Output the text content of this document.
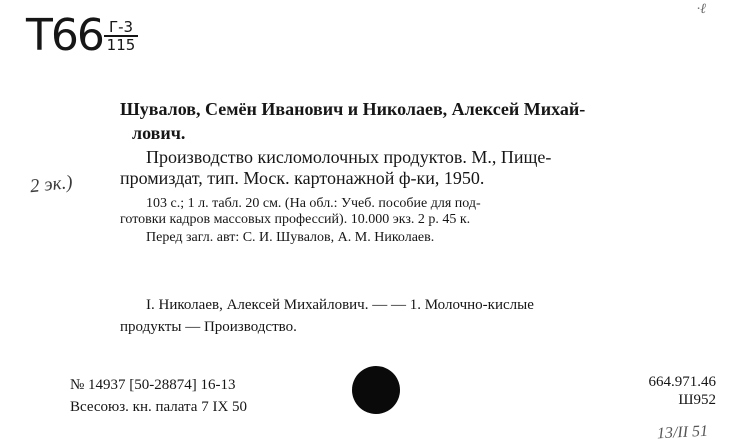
Т66 Г-3
115
·ℓ
2 эк.)
Шувалов, Семён Иванович и Николаев, Алексей Михай-
лович.
Производство кисломолочных продуктов. М., Пище-
промиздат, тип. Моск. картонажной ф-ки, 1950.
103 с.; 1 л. табл. 20 см. (На обл.: Учеб. пособие для под-
готовки кадров массовых профессий). 10.000 экз. 2 р. 45 к.
Перед загл. авт: С. И. Шувалов, А. М. Николаев.
I. Николаев, Алексей Михайлович. — — 1. Молочно-кислые
продукты — Производство.
№ 14937 [50-28874] 16-13
Всесоюз. кн. палата 7 IX 50
664.971.46
Ш952
13/II 51
